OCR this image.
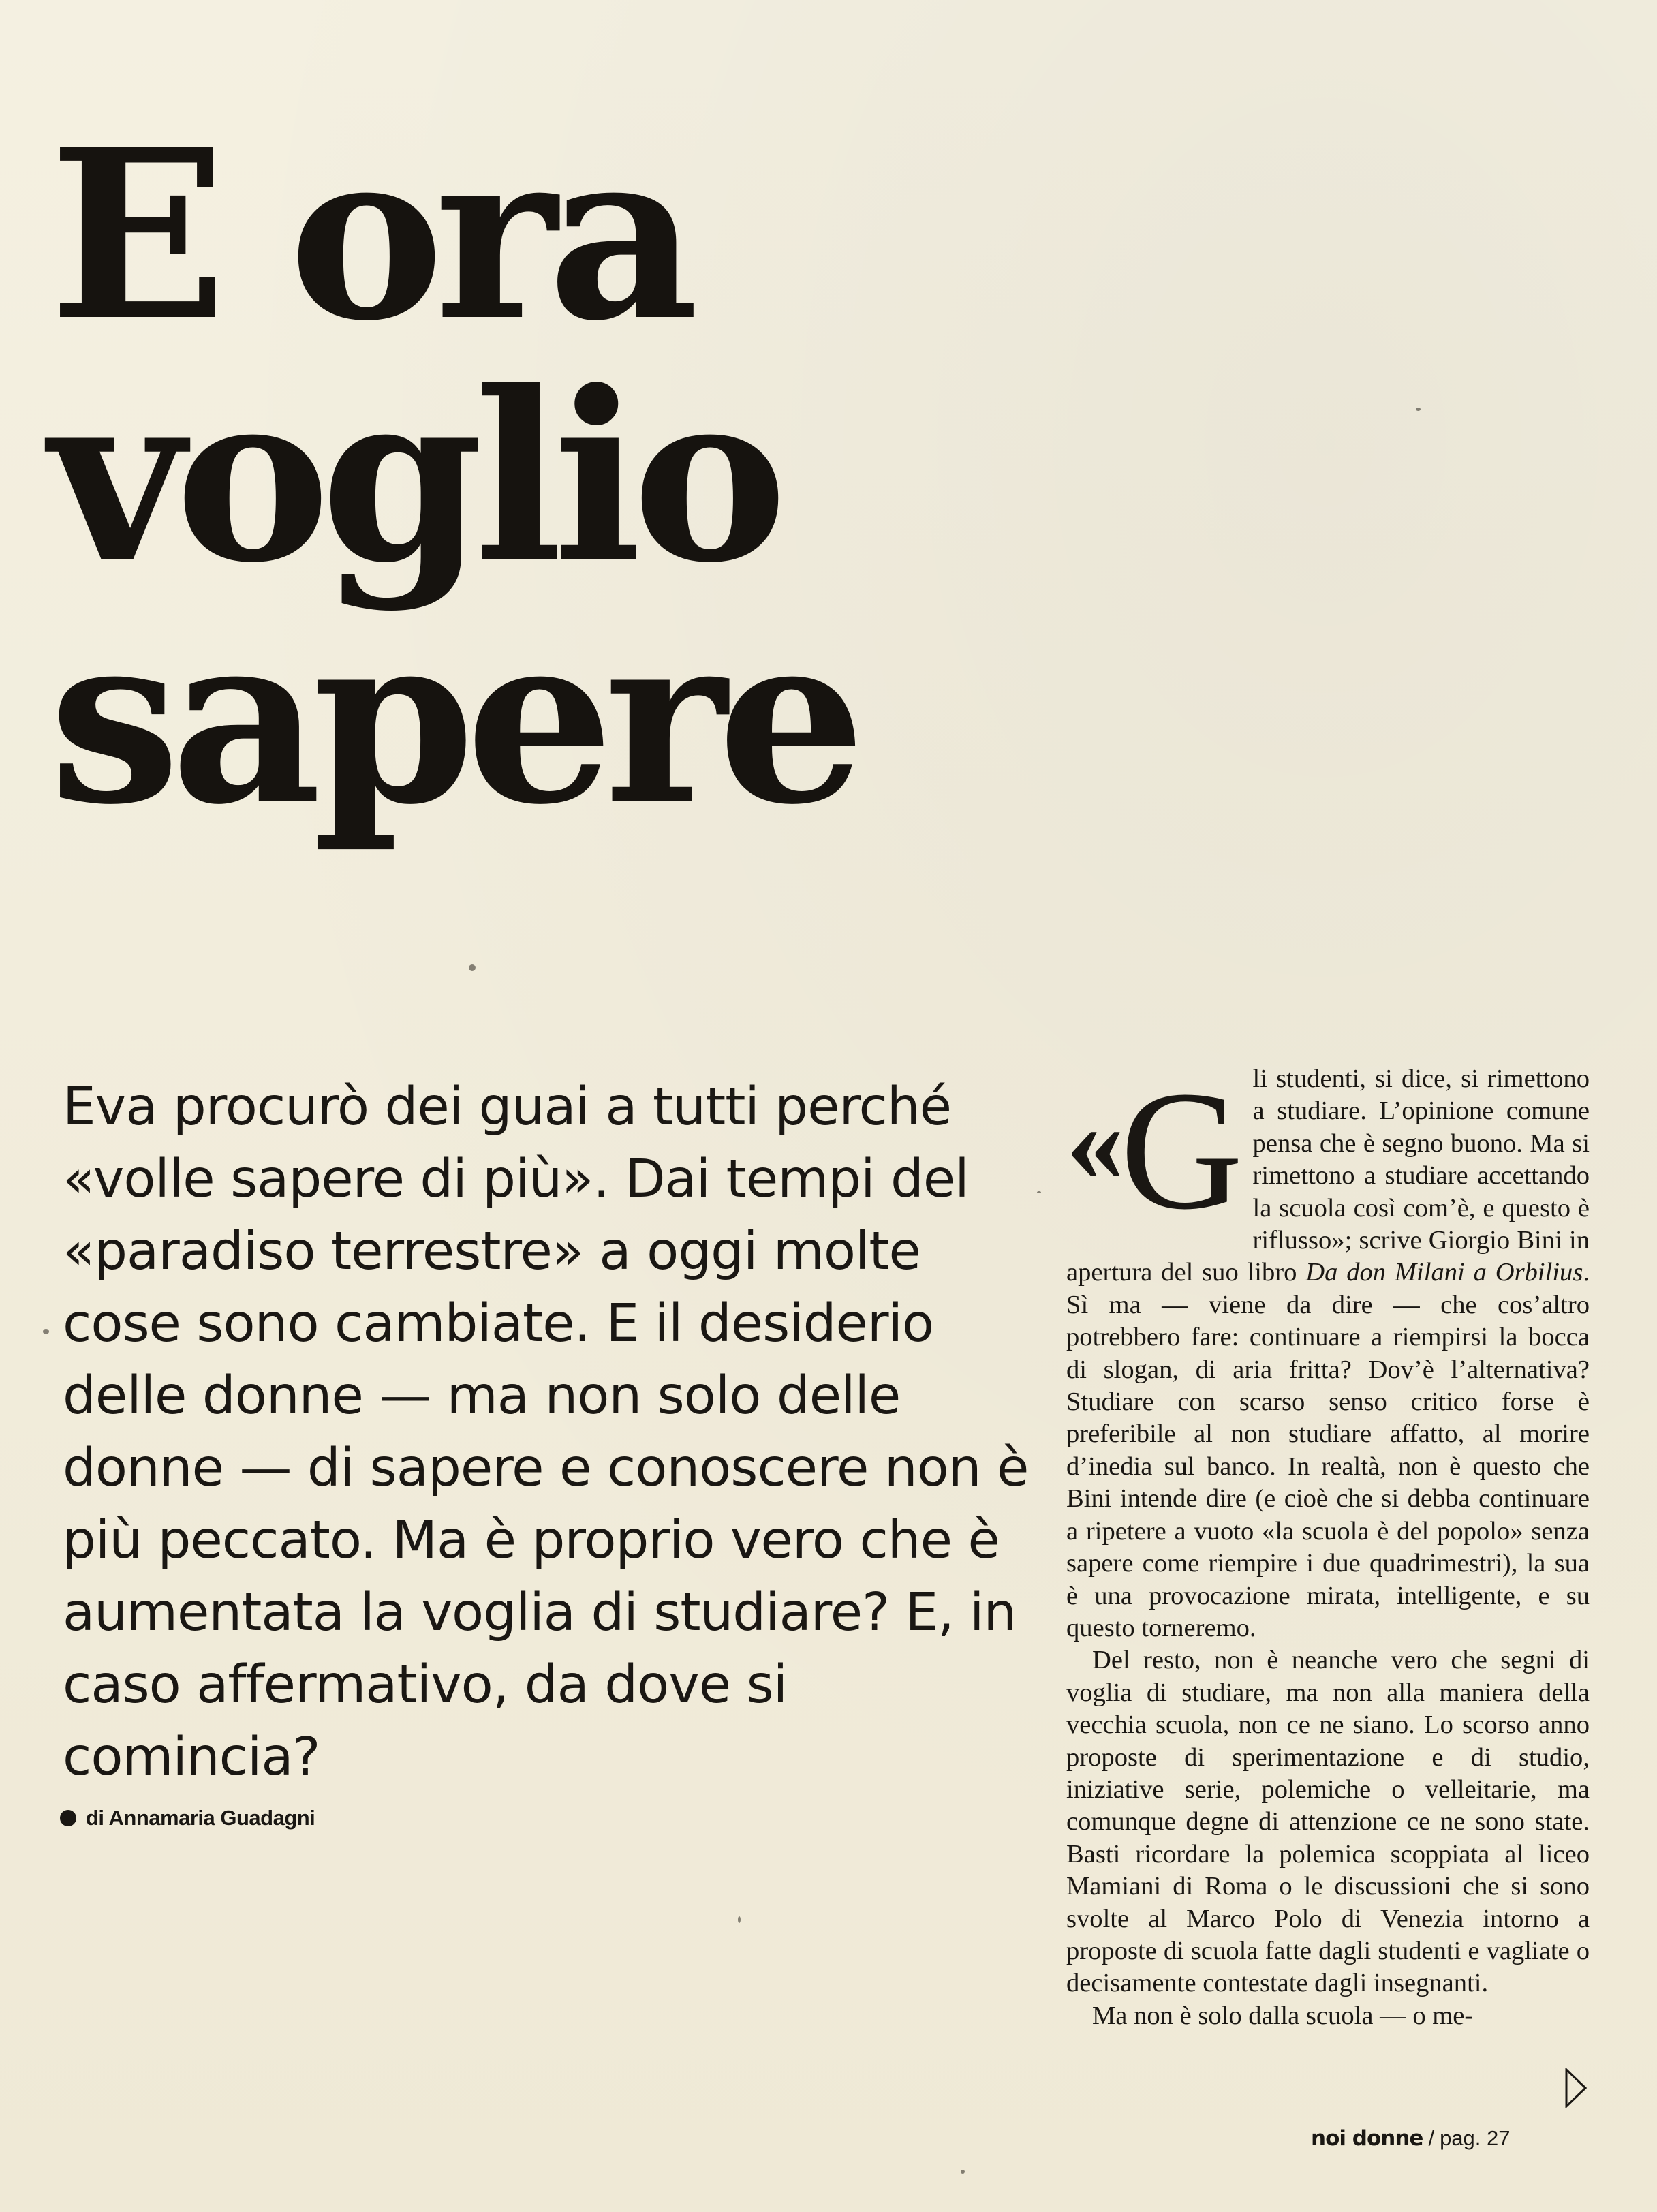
E ora
voglio
sapere

Eva procurò dei guai a tutti perché «volle sapere di più». Dai tempi del «paradiso terrestre» a oggi molte cose sono cambiate. E il desiderio delle donne — ma non solo delle donne — di sapere e conoscere non è più peccato. Ma è proprio vero che è aumentata la voglia di studiare? E, in caso affermativo, da dove si comincia?

di Annamaria Guadagni

«G li studenti, si dice, si rimettono a studiare. L’opinione comune pensa che è segno buono. Ma si rimettono a studiare accettando la scuola così com’è, e questo è riflusso»; scrive Giorgio Bini in apertura del suo libro Da don Milani a Orbilius. Sì ma — viene da dire — che cos’altro potrebbero fare: continuare a riempirsi la bocca di slogan, di aria fritta? Dov’è l’alternativa? Studiare con scarso senso critico forse è preferibile al non studiare affatto, al morire d’inedia sul banco. In realtà, non è questo che Bini intende dire (e cioè che si debba continuare a ripetere a vuoto «la scuola è del popolo» senza sapere come riempire i due quadrimestri), la sua è una provocazione mirata, intelligente, e su questo torneremo.

Del resto, non è neanche vero che segni di voglia di studiare, ma non alla maniera della vecchia scuola, non ce ne siano. Lo scorso anno proposte di sperimentazione e di studio, iniziative serie, polemiche o velleitarie, ma comunque degne di attenzione ce ne sono state. Basti ricordare la polemica scoppiata al liceo Mamiani di Roma o le discussioni che si sono svolte al Marco Polo di Venezia intorno a proposte di scuola fatte dagli studenti e vagliate o decisamente contestate dagli insegnanti.

Ma non è solo dalla scuola — o me-

noi donne / pag. 27
